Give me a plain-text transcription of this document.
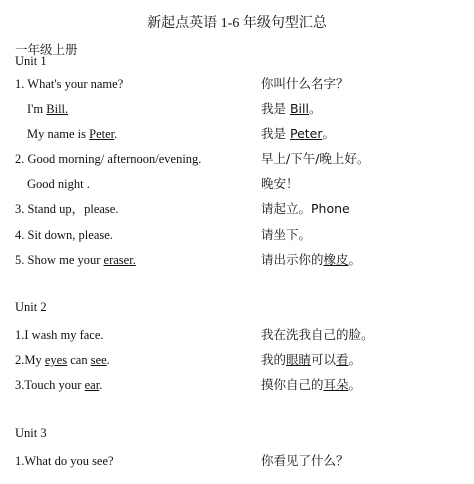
新起点英语 1-6 年级句型汇总
一年级上册
Unit 1
1. What's your name?	你叫什么名字？
I'm Bill.	我是 Bill。
My name is Peter.	我是 Peter。
2. Good morning/ afternoon/evening.	早上/下午/晚上好。
Good night .	晚安！
3. Stand up，please.	请起立。Phone
4. Sit down, please.	请坐下。
5. Show me your eraser.	请出示你的橡皮。
Unit 2
1.I wash my face.	我在洗我自己的脸。
2.My eyes can see.	我的眼睛可以看。
3.Touch your ear.	摸你自己的耳朵。
Unit 3
1.What do you see?	你看见了什么？
